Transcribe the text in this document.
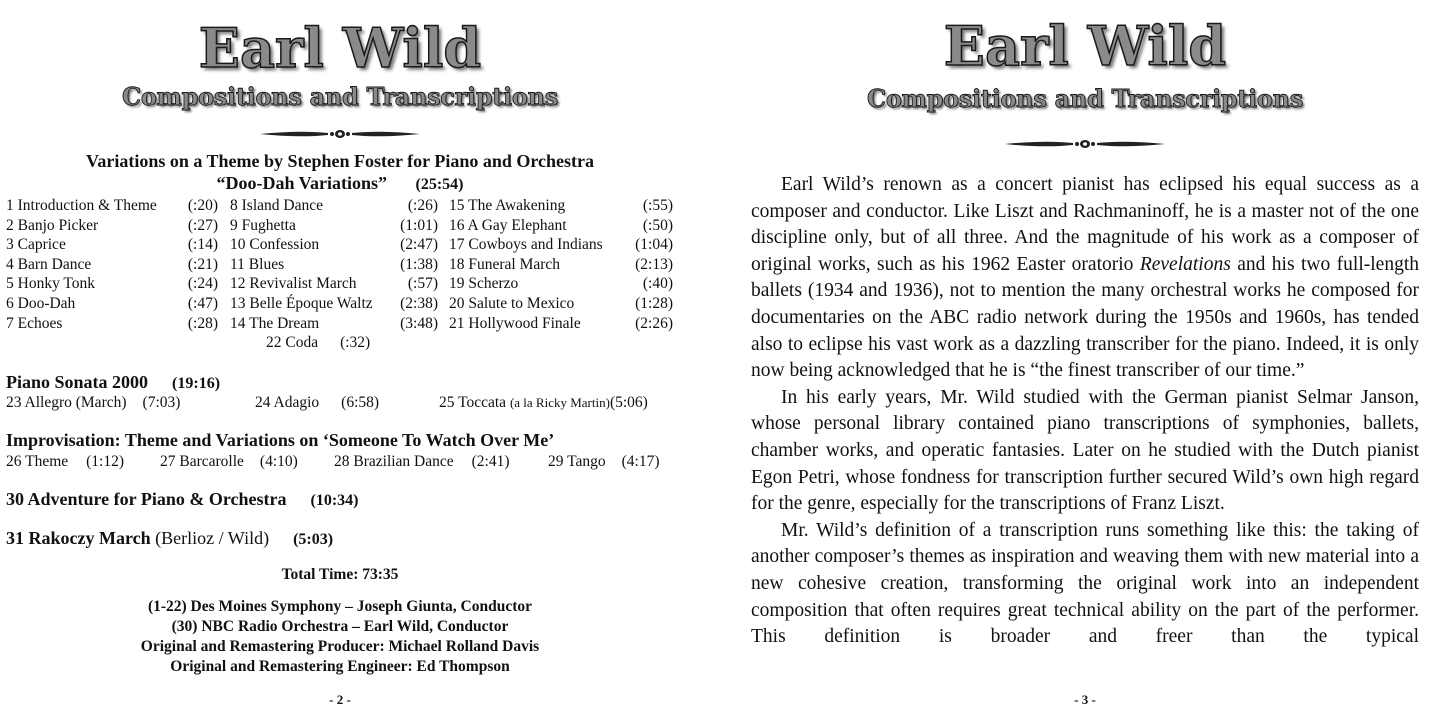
Earl Wild
Compositions and Transcriptions
Variations on a Theme by Stephen Foster for Piano and Orchestra
“Doo-Dah Variations” (25:54)
1 Introduction & Theme (:20)
2 Banjo Picker	(:27)
3 Caprice	(:14)
4 Barn Dance	(:21)
5 Honky Tonk	(:24)
6 Doo-Dah	(:47)
7 Echoes	(:28)
8 Island Dance	(:26)
9 Fughetta	(1:01)
10 Confession	(2:47)
11 Blues	(1:38)
12 Revivalist March	(:57)
13 Belle Époque Waltz (2:38)
14 The Dream	(3:48)
15 The Awakening	(:55)
16 A Gay Elephant	(:50)
17 Cowboys and Indians (1:04)
18 Funeral March	(2:13)
19 Scherzo	(:40)
20 Salute to Mexico	(1:28)
21 Hollywood Finale	(2:26)
22 Coda (:32)
Piano Sonata 2000 (19:16)
23 Allegro (March) (7:03)	24 Adagio (6:58)	25 Toccata (a la Ricky Martin)(5:06)
Improvisation: Theme and Variations on ‘Someone To Watch Over Me’
26 Theme (1:12) 27 Barcarolle (4:10) 28 Brazilian Dance (2:41) 29 Tango (4:17)
30 Adventure for Piano & Orchestra (10:34)
31 Rakoczy March (Berlioz / Wild) (5:03)
Total Time: 73:35
(1-22) Des Moines Symphony – Joseph Giunta, Conductor
(30) NBC Radio Orchestra – Earl Wild, Conductor
Original and Remastering Producer: Michael Rolland Davis
Original and Remastering Engineer: Ed Thompson
- 2 -
Earl Wild
Compositions and Transcriptions

Earl Wild’s renown as a concert pianist has eclipsed his equal success as a composer and conductor. Like Liszt and Rachmaninoff, he is a master not of the one discipline only, but of all three. And the magnitude of his work as a composer of original works, such as his 1962 Easter oratorio Revelations and his two full-length ballets (1934 and 1936), not to mention the many orchestral works he composed for documentaries on the ABC radio network during the 1950s and 1960s, has tended also to eclipse his vast work as a dazzling transcriber for the piano. Indeed, it is only now being acknowledged that he is “the finest transcriber of our time.”

In his early years, Mr. Wild studied with the German pianist Selmar Janson, whose personal library contained piano transcriptions of symphonies, ballets, chamber works, and operatic fantasies. Later on he studied with the Dutch pianist Egon Petri, whose fondness for transcription further secured Wild’s own high regard for the genre, especially for the transcriptions of Franz Liszt.

Mr. Wild’s definition of a transcription runs something like this: the taking of another composer’s themes as inspiration and weaving them with new material into a new cohesive creation, transforming the original work into an independent composition that often requires great technical ability on the part of the performer. This definition is broader and freer than the typical

- 3 -
